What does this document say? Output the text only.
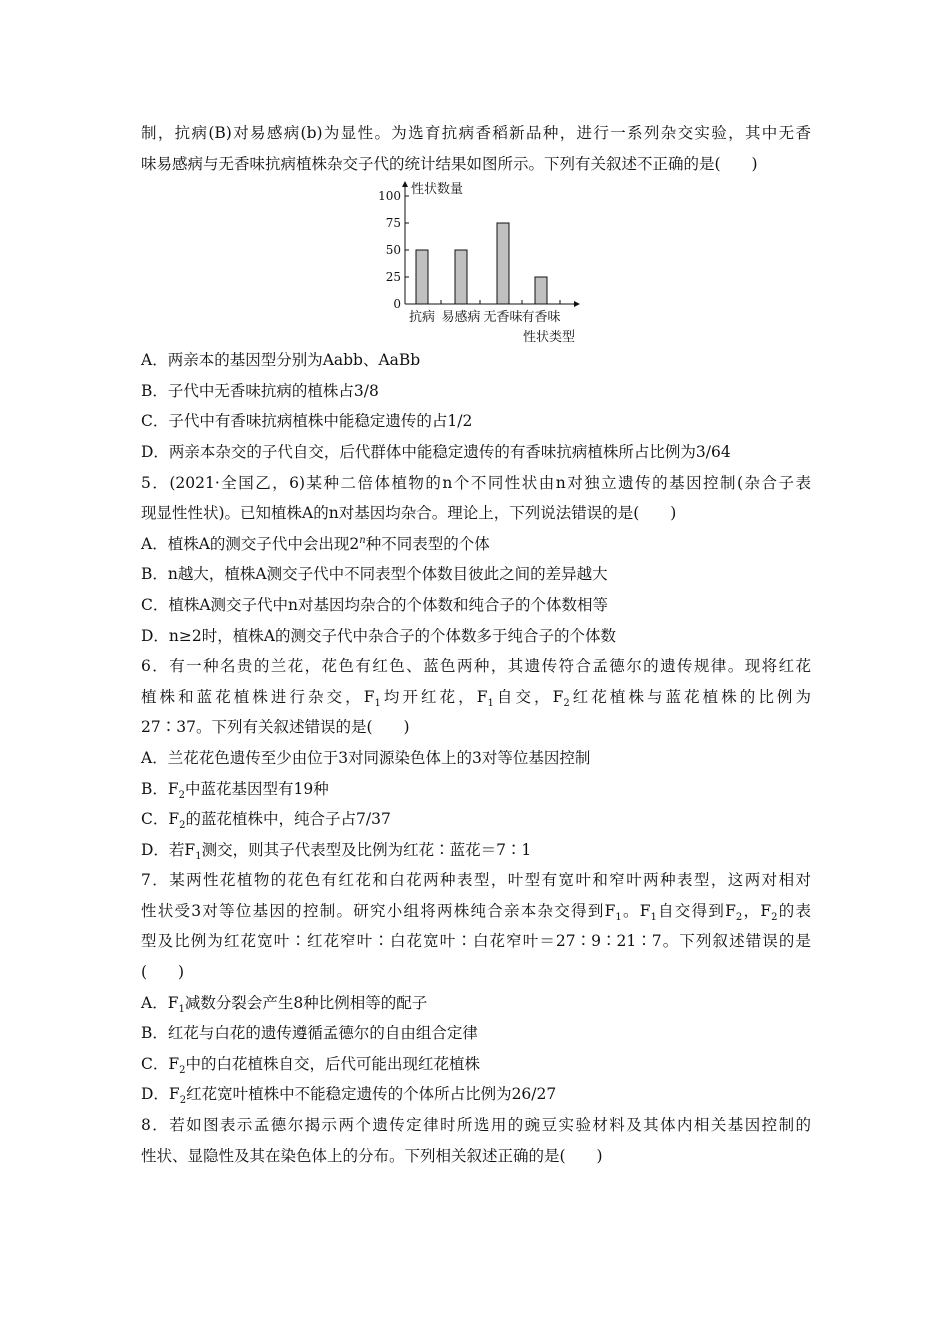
制，抗病(B)对易感病(b)为显性。为选育抗病香稻新品种，进行一系列杂交实验，其中无香
味易感病与无香味抗病植株杂交子代的统计结果如图所示。下列有关叙述不正确的是(　　)
0
25
50
75
100 性状数量
抗病 易感病 无香味
有香味
性状类型
A．两亲本的基因型分别为Aabb、AaBb
B．子代中无香味抗病的植株占3/8
C．子代中有香味抗病植株中能稳定遗传的占1/2
D．两亲本杂交的子代自交，后代群体中能稳定遗传的有香味抗病植株所占比例为3/64
5．(2021·全国乙，6)某种二倍体植物的n个不同性状由n对独立遗传的基因控制(杂合子表
现显性性状)。已知植株A的n对基因均杂合。理论上，下列说法错误的是(　　)
A．植株A的测交子代中会出现2$^n$种不同表型的个体
B．n越大，植株A测交子代中不同表型个体数目彼此之间的差异越大
C．植株A测交子代中n对基因均杂合的个体数和纯合子的个体数相等
D．n≥2时，植株A的测交子代中杂合子的个体数多于纯合子的个体数
6．有一种名贵的兰花，花色有红色、蓝色两种，其遗传符合孟德尔的遗传规律。现将红花
植株和蓝花植株进行杂交，$F_1$均开红花，$F_1$自交，$F_2$红花植株与蓝花植株的比例为
27∶37。下列有关叙述错误的是(　　)
A．兰花花色遗传至少由位于3对同源染色体上的3对等位基因控制
B．$F_2$中蓝花基因型有19种
C．$F_2$的蓝花植株中，纯合子占7/37
D．若$F_1$测交，则其子代表型及比例为红花∶蓝花＝7∶1
7．某两性花植物的花色有红花和白花两种表型，叶型有宽叶和窄叶两种表型，这两对相对
性状受3对等位基因的控制。研究小组将两株纯合亲本杂交得到$F_1$。$F_1$自交得到$F_2$，$F_2$的表
型及比例为红花宽叶∶红花窄叶∶白花宽叶∶白花窄叶＝27∶9∶21∶7。下列叙述错误的是
(　　)
A．$F_1$减数分裂会产生8种比例相等的配子
B．红花与白花的遗传遵循孟德尔的自由组合定律
C．$F_2$中的白花植株自交，后代可能出现红花植株
D．$F_2$红花宽叶植株中不能稳定遗传的个体所占比例为26/27
8．若如图表示孟德尔揭示两个遗传定律时所选用的豌豆实验材料及其体内相关基因控制的
性状、显隐性及其在染色体上的分布。下列相关叙述正确的是(　　)
